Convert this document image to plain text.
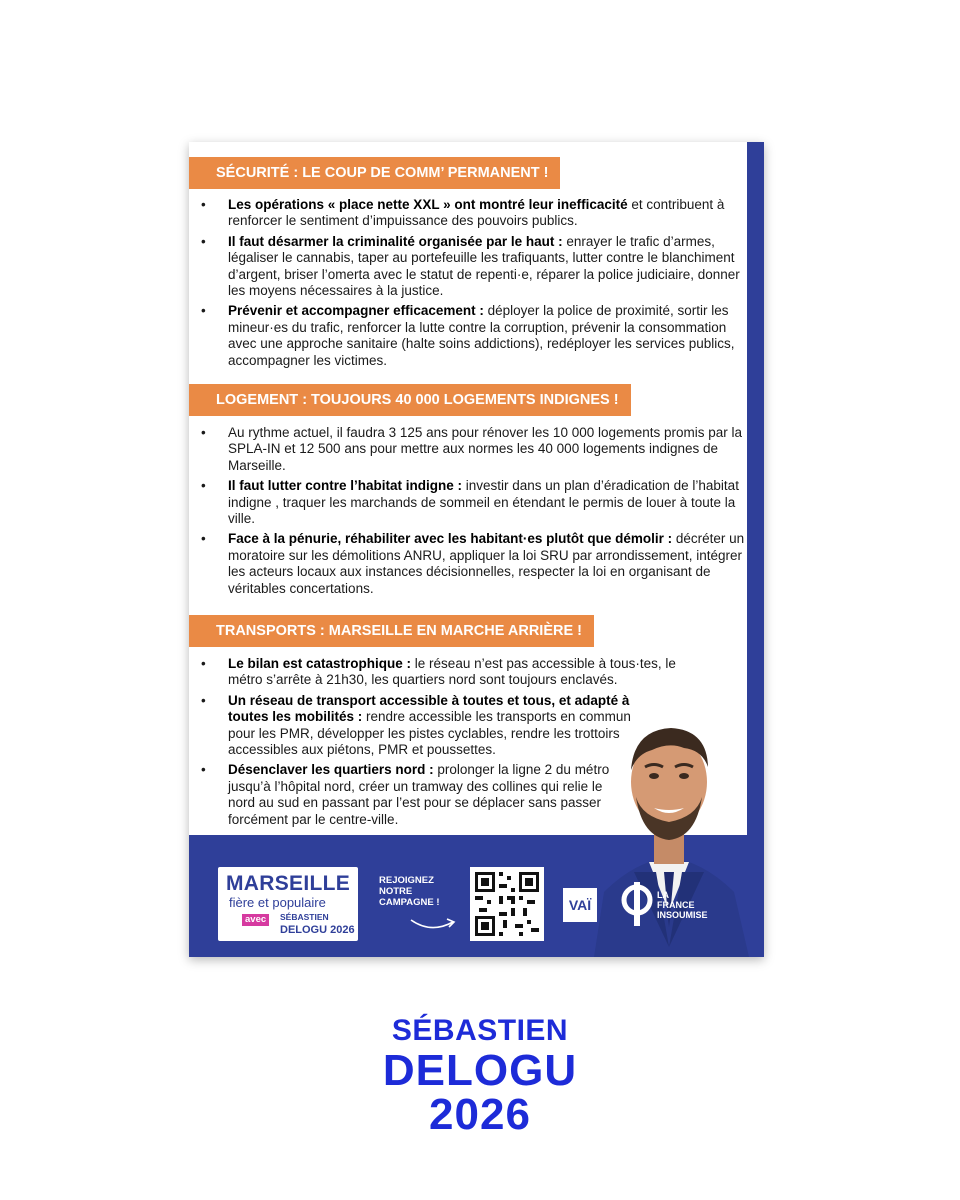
SÉCURITÉ : LE COUP DE COMM’ PERMANENT !
• Les opérations « place nette XXL » ont montré leur inefficacité et contribuent à renforcer le sentiment d’impuissance des pouvoirs publics.
• Il faut désarmer la criminalité organisée par le haut : enrayer le trafic d’armes, légaliser le cannabis, taper au portefeuille les trafiquants, lutter contre le blanchiment d’argent, briser l’omerta avec le statut de repenti·e, réparer la police judiciaire, donner les moyens nécessaires à la justice.
• Prévenir et accompagner efficacement : déployer la police de proximité, sortir les mineur·es du trafic, renforcer la lutte contre la corruption, prévenir la consommation avec une approche sanitaire (halte soins addictions), redéployer les services publics, accompagner les victimes.
LOGEMENT : TOUJOURS 40 000 LOGEMENTS INDIGNES !
• Au rythme actuel, il faudra 3 125 ans pour rénover les 10 000 logements promis par la SPLA-IN et 12 500 ans pour mettre aux normes les 40 000 logements indignes de Marseille.
• Il faut lutter contre l’habitat indigne : investir dans un plan d’éradication de l’habitat indigne , traquer les marchands de sommeil en étendant le permis de louer à toute la ville.
• Face à la pénurie, réhabiliter avec les habitant·es plutôt que démolir : décréter un moratoire sur les démolitions ANRU, appliquer la loi SRU par arrondissement, intégrer les acteurs locaux aux instances décisionnelles, respecter la loi en organisant de véritables concertations.
TRANSPORTS : MARSEILLE EN MARCHE ARRIÈRE !
• Le bilan est catastrophique : le réseau n’est pas accessible à tous·tes, le métro s’arrête à 21h30, les quartiers nord sont toujours enclavés.
• Un réseau de transport accessible à toutes et tous, et adapté à toutes les mobilités : rendre accessible les transports en commun pour les PMR, développer les pistes cyclables, rendre les trottoirs accessibles aux piétons, PMR et poussettes.
• Désenclaver les quartiers nord : prolonger la ligne 2 du métro jusqu’à l’hôpital nord, créer un tramway des collines qui relie le nord au sud en passant par l’est pour se déplacer sans passer forcément par le centre-ville.
NE PAS JETER SUR LA VOIE PUBLIQUE
MARSEILLE
fière et populaire
avec	SÉBASTIEN
DELOGU 2026
REJOIGNEZ
NOTRE
CAMPAGNE !	VAÏ
LA
FRANCE
INSOUMISE
SÉBASTIEN
DELOGU
2026
